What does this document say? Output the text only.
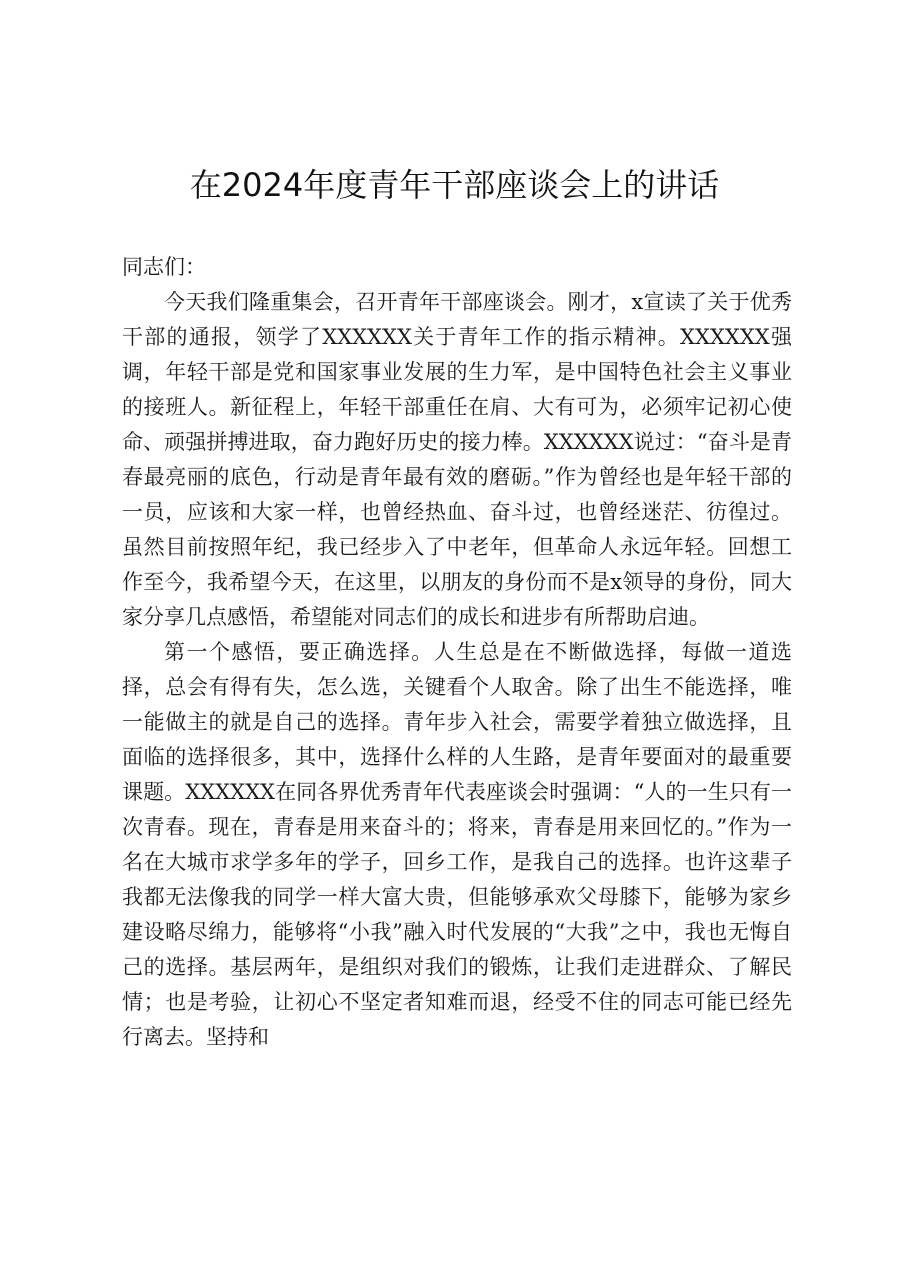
在2024年度青年干部座谈会上的讲话

同志们：

今天我们隆重集会，召开青年干部座谈会。刚才，x宣读了关于优秀干部的通报，领学了XXXXXX关于青年工作的指示精神。XXXXXX强调，年轻干部是党和国家事业发展的生力军，是中国特色社会主义事业的接班人。新征程上，年轻干部重任在肩、大有可为，必须牢记初心使命、顽强拼搏进取，奋力跑好历史的接力棒。XXXXXX说过：“奋斗是青春最亮丽的底色，行动是青年最有效的磨砺。”作为曾经也是年轻干部的一员，应该和大家一样，也曾经热血、奋斗过，也曾经迷茫、彷徨过。虽然目前按照年纪，我已经步入了中老年，但革命人永远年轻。回想工作至今，我希望今天，在这里，以朋友的身份而不是x领导的身份，同大家分享几点感悟，希望能对同志们的成长和进步有所帮助启迪。

第一个感悟，要正确选择。人生总是在不断做选择，每做一道选择，总会有得有失，怎么选，关键看个人取舍。除了出生不能选择，唯一能做主的就是自己的选择。青年步入社会，需要学着独立做选择，且面临的选择很多，其中，选择什么样的人生路，是青年要面对的最重要课题。XXXXXX在同各界优秀青年代表座谈会时强调：“人的一生只有一次青春。现在，青春是用来奋斗的；将来，青春是用来回忆的。”作为一名在大城市求学多年的学子，回乡工作，是我自己的选择。也许这辈子我都无法像我的同学一样大富大贵，但能够承欢父母膝下，能够为家乡建设略尽绵力，能够将“小我”融入时代发展的“大我”之中，我也无悔自己的选择。基层两年，是组织对我们的锻炼，让我们走进群众、了解民情；也是考验，让初心不坚定者知难而退，经受不住的同志可能已经先行离去。坚持和
